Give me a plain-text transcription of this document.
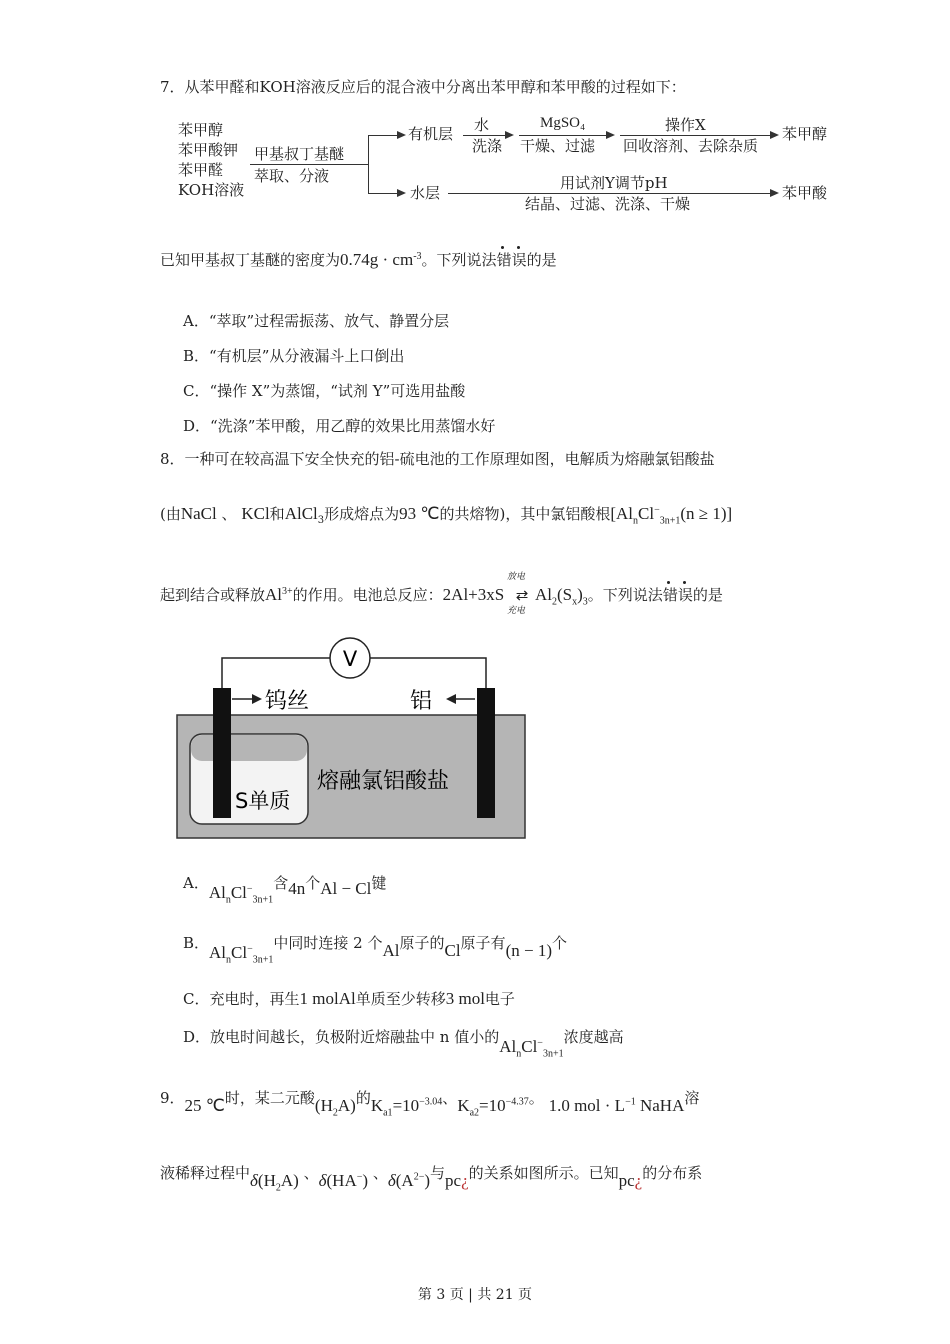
7．从苯甲醛和KOH溶液反应后的混合液中分离出苯甲醇和苯甲酸的过程如下：
苯甲醇
苯甲酸钾
苯甲醛
KOH溶液
甲基叔丁基醚
萃取、分液
有机层 水
洗涤
MgSO₄
干燥、过滤
操作X
回收溶剂、去除杂质
苯甲醇
水层
用试剂Y调节pH
结晶、过滤、洗涤、干燥
苯甲酸
已知甲基叔丁基醚的密度为$0.74g \cdot cm^{-3}$。下列说法错误的是
A．“萃取”过程需振荡、放气、静置分层
B．“有机层”从分液漏斗上口倒出
C．“操作 X”为蒸馏，“试剂 Y”可选用盐酸
D．“洗涤”苯甲酸，用乙醇的效果比用蒸馏水好
8．一种可在较高温下安全快充的铝-硫电池的工作原理如图，电解质为熔融氯铝酸盐
(由NaCl 、 KCl和AlCl$_3$形成熔点为93 ℃的共熔物)，其中氯铝酸根$[Al_nCl^-_{3n+1}(n \ge 1)]$
起到结合或释放$Al^{3+}$的作用。电池总反应：2Al+3xS
放电
⇄
充电
$Al_2(S_x)_3$。下列说法错误的是
V
钨丝	铝
熔融氯铝酸盐
S单质
A．$Al_nCl^-_{3n+1}$含4n个Al − Cl键
B．$Al_nCl^-_{3n+1}$中同时连接 2 个Al原子的Cl原子有(n − 1)个
C．充电时，再生1 molAl单质至少转移3 mol电子
D．放电时间越长，负极附近熔融盐中 n 值小的$Al_nCl^-_{3n+1}$浓度越高
9．25 ℃时，某二元酸$(H_2A)$的$K_{a1}=10^{-3.04}$、$K_{a2}=10^{-4.37}$。 1.0 mol · $L^{-1}$ NaHA溶
液稀释过程中$\delta(H_2A)$ 、δ(HA−) 、$\delta(A^{2-})$与pc¿的关系如图所示。已知pc¿的分布系
第 3 页 | 共 21 页
